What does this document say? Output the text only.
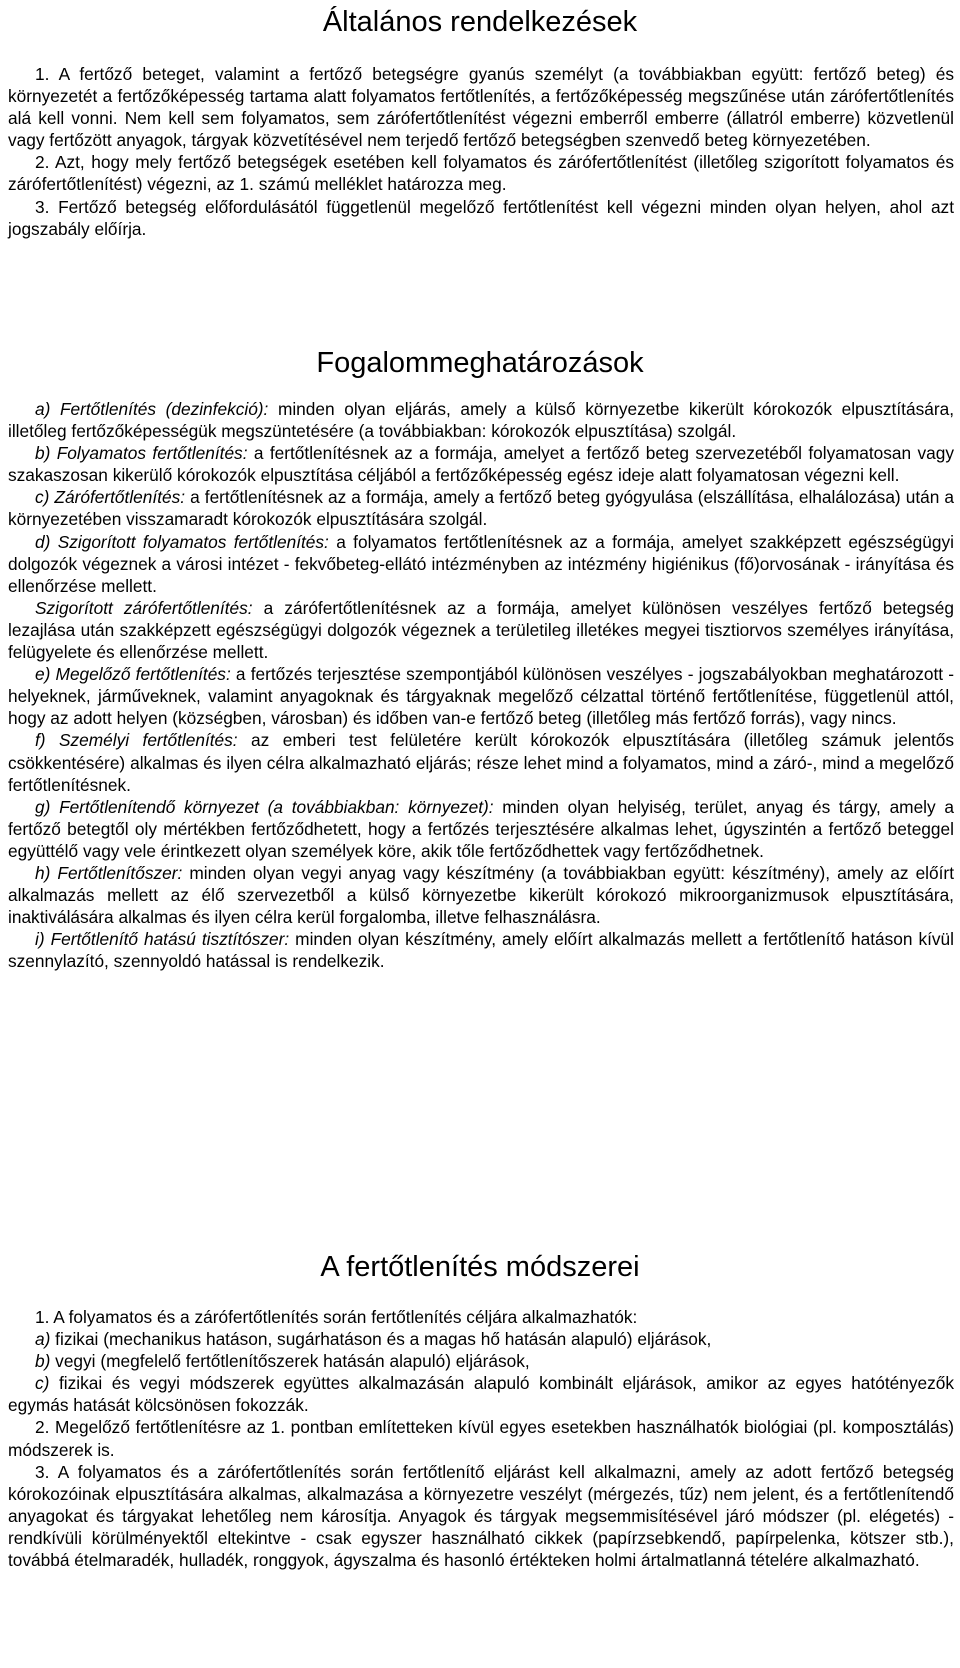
Általános rendelkezések

1. A fertőző beteget, valamint a fertőző betegségre gyanús személyt (a továbbiakban együtt: fertőző beteg) és környezetét a fertőzőképesség tartama alatt folyamatos fertőtlenítés, a fertőzőképesség megszűnése után zárófertőtlenítés alá kell vonni. Nem kell sem folyamatos, sem zárófertőtlenítést végezni emberről emberre (állatról emberre) közvetlenül vagy fertőzött anyagok, tárgyak közvetítésével nem terjedő fertőző betegségben szenvedő beteg környezetében.

2. Azt, hogy mely fertőző betegségek esetében kell folyamatos és zárófertőtlenítést (illetőleg szigorított folyamatos és zárófertőtlenítést) végezni, az 1. számú melléklet határozza meg.

3. Fertőző betegség előfordulásától függetlenül megelőző fertőtlenítést kell végezni minden olyan helyen, ahol azt jogszabály előírja.

Fogalommeghatározások

a) Fertőtlenítés (dezinfekció): minden olyan eljárás, amely a külső környezetbe kikerült kórokozók elpusztítására, illetőleg fertőzőképességük megszüntetésére (a továbbiakban: kórokozók elpusztítása) szolgál.

b) Folyamatos fertőtlenítés: a fertőtlenítésnek az a formája, amelyet a fertőző beteg szervezetéből folyamatosan vagy szakaszosan kikerülő kórokozók elpusztítása céljából a fertőzőképesség egész ideje alatt folyamatosan végezni kell.

c) Zárófertőtlenítés: a fertőtlenítésnek az a formája, amely a fertőző beteg gyógyulása (elszállítása, elhalálozása) után a környezetében visszamaradt kórokozók elpusztítására szolgál.

d) Szigorított folyamatos fertőtlenítés: a folyamatos fertőtlenítésnek az a formája, amelyet szakképzett egészségügyi dolgozók végeznek a városi intézet - fekvőbeteg-ellátó intézményben az intézmény higiénikus (fő)orvosának - irányítása és ellenőrzése mellett.

Szigorított zárófertőtlenítés: a zárófertőtlenítésnek az a formája, amelyet különösen veszélyes fertőző betegség lezajlása után szakképzett egészségügyi dolgozók végeznek a területileg illetékes megyei tisztiorvos személyes irányítása, felügyelete és ellenőrzése mellett.

e) Megelőző fertőtlenítés: a fertőzés terjesztése szempontjából különösen veszélyes - jogszabályokban meghatározott - helyeknek, járműveknek, valamint anyagoknak és tárgyaknak megelőző célzattal történő fertőtlenítése, függetlenül attól, hogy az adott helyen (községben, városban) és időben van-e fertőző beteg (illetőleg más fertőző forrás), vagy nincs.

f) Személyi fertőtlenítés: az emberi test felületére került kórokozók elpusztítására (illetőleg számuk jelentős csökkentésére) alkalmas és ilyen célra alkalmazható eljárás; része lehet mind a folyamatos, mind a záró-, mind a megelőző fertőtlenítésnek.

g) Fertőtlenítendő környezet (a továbbiakban: környezet): minden olyan helyiség, terület, anyag és tárgy, amely a fertőző betegtől oly mértékben fertőződhetett, hogy a fertőzés terjesztésére alkalmas lehet, úgyszintén a fertőző beteggel együttélő vagy vele érintkezett olyan személyek köre, akik tőle fertőződhettek vagy fertőződhetnek.

h) Fertőtlenítőszer: minden olyan vegyi anyag vagy készítmény (a továbbiakban együtt: készítmény), amely az előírt alkalmazás mellett az élő szervezetből a külső környezetbe kikerült kórokozó mikroorganizmusok elpusztítására, inaktiválására alkalmas és ilyen célra kerül forgalomba, illetve felhasználásra.

i) Fertőtlenítő hatású tisztítószer: minden olyan készítmény, amely előírt alkalmazás mellett a fertőtlenítő hatáson kívül szennylazító, szennyoldó hatással is rendelkezik.

A fertőtlenítés módszerei

1. A folyamatos és a zárófertőtlenítés során fertőtlenítés céljára alkalmazhatók:

a) fizikai (mechanikus hatáson, sugárhatáson és a magas hő hatásán alapuló) eljárások,

b) vegyi (megfelelő fertőtlenítőszerek hatásán alapuló) eljárások,

c) fizikai és vegyi módszerek együttes alkalmazásán alapuló kombinált eljárások, amikor az egyes hatótényezők egymás hatását kölcsönösen fokozzák.

2. Megelőző fertőtlenítésre az 1. pontban említetteken kívül egyes esetekben használhatók biológiai (pl. komposztálás) módszerek is.

3. A folyamatos és a zárófertőtlenítés során fertőtlenítő eljárást kell alkalmazni, amely az adott fertőző betegség kórokozóinak elpusztítására alkalmas, alkalmazása a környezetre veszélyt (mérgezés, tűz) nem jelent, és a fertőtlenítendő anyagokat és tárgyakat lehetőleg nem károsítja. Anyagok és tárgyak megsemmisítésével járó módszer (pl. elégetés) - rendkívüli körülményektől eltekintve - csak egyszer használható cikkek (papírzsebkendő, papírpelenka, kötszer stb.), továbbá ételmaradék, hulladék, ronggyok, ágyszalma és hasonló értékteken holmi ártalmatlanná tételére alkalmazható.
